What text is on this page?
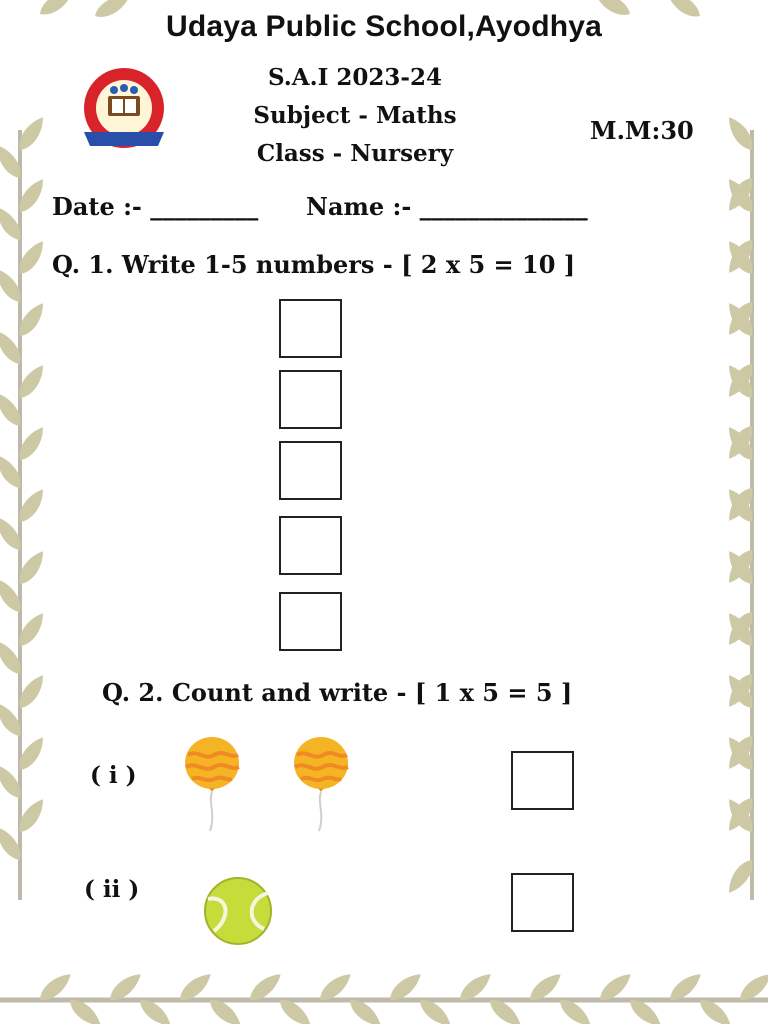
Udaya Public School,Ayodhya
S.A.I 2023-24
Subject - Maths
Class - Nursery
M.M:30
Date :- _________ Name :- ______________
Q. 1. Write 1-5 numbers - [ 2 x 5 = 10 ]
Q. 2. Count and write - [ 1 x 5 = 5 ]
( i )
( ii )
